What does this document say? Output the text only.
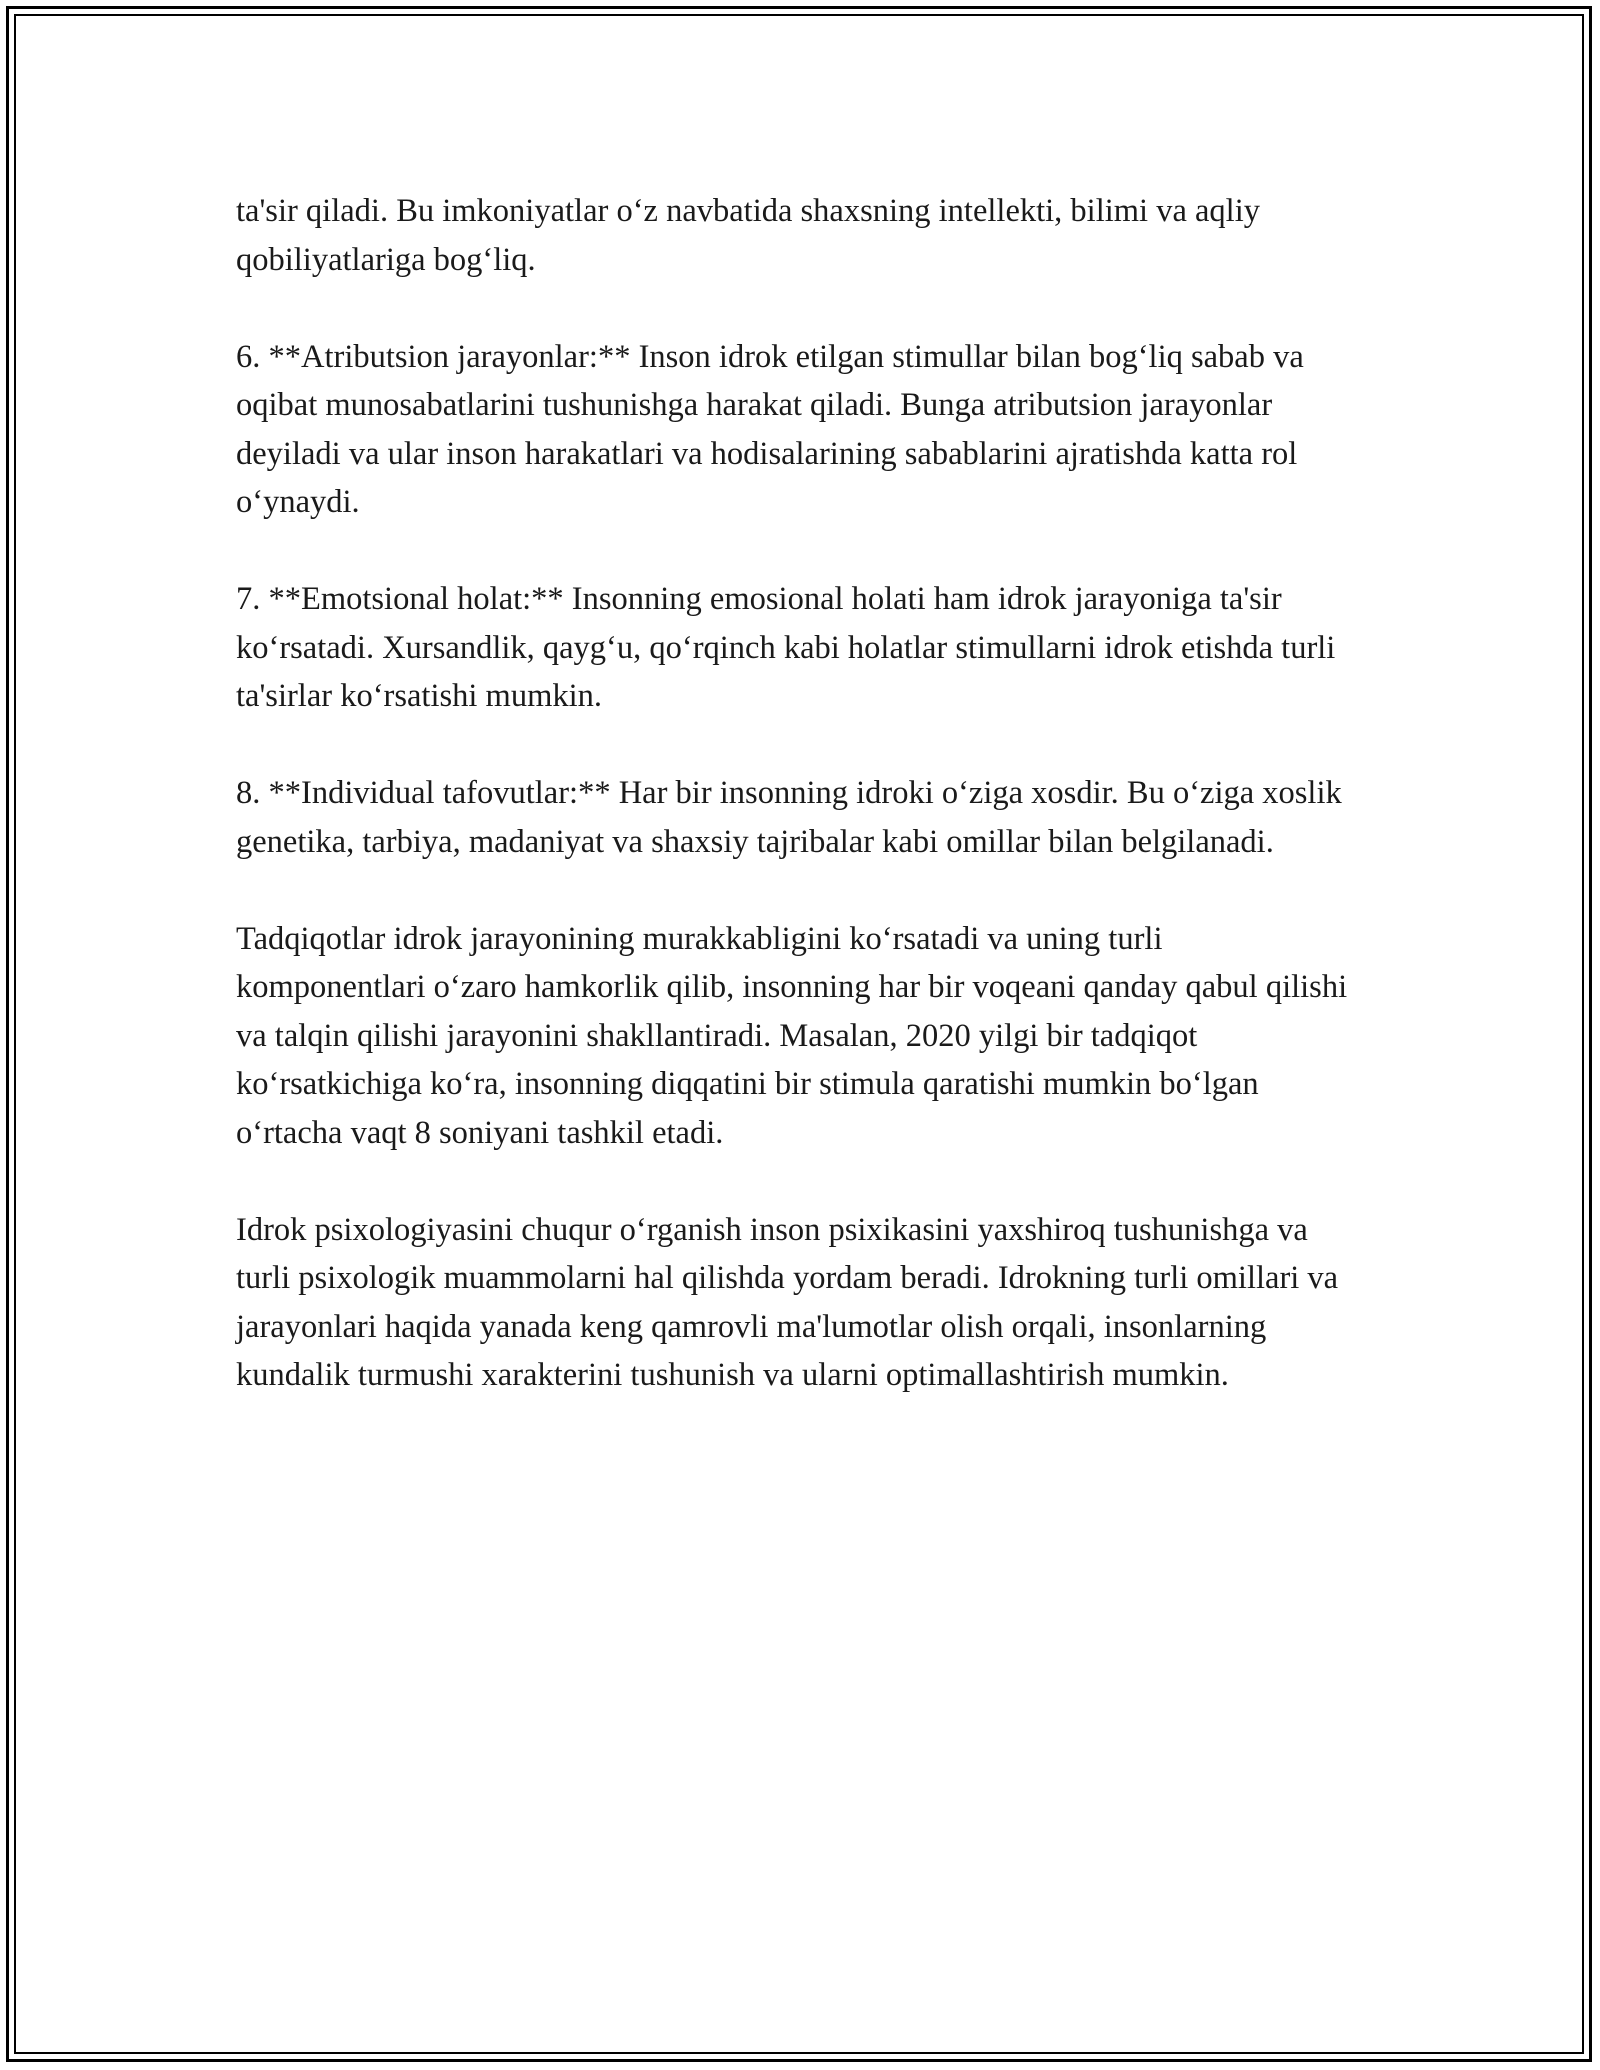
ta'sir qiladi. Bu imkoniyatlar o‘z navbatida shaxsning intellekti, bilimi va aqliy qobiliyatlariga bog‘liq.

6. **Atributsion jarayonlar:** Inson idrok etilgan stimullar bilan bog‘liq sabab va oqibat munosabatlarini tushunishga harakat qiladi. Bunga atributsion jarayonlar deyiladi va ular inson harakatlari va hodisalarining sabablarini ajratishda katta rol o‘ynaydi.

7. **Emotsional holat:** Insonning emosional holati ham idrok jarayoniga ta'sir ko‘rsatadi. Xursandlik, qayg‘u, qo‘rqinch kabi holatlar stimullarni idrok etishda turli ta'sirlar ko‘rsatishi mumkin.

8. **Individual tafovutlar:** Har bir insonning idroki o‘ziga xosdir. Bu o‘ziga xoslik genetika, tarbiya, madaniyat va shaxsiy tajribalar kabi omillar bilan belgilanadi.

Tadqiqotlar idrok jarayonining murakkabligini ko‘rsatadi va uning turli komponentlari o‘zaro hamkorlik qilib, insonning har bir voqeani qanday qabul qilishi va talqin qilishi jarayonini shakllantiradi. Masalan, 2020 yilgi bir tadqiqot ko‘rsatkichiga ko‘ra, insonning diqqatini bir stimula qaratishi mumkin bo‘lgan o‘rtacha vaqt 8 soniyani tashkil etadi.

Idrok psixologiyasini chuqur o‘rganish inson psixikasini yaxshiroq tushunishga va turli psixologik muammolarni hal qilishda yordam beradi. Idrokning turli omillari va jarayonlari haqida yanada keng qamrovli ma'lumotlar olish orqali, insonlarning kundalik turmushi xarakterini tushunish va ularni optimallashtirish mumkin.
